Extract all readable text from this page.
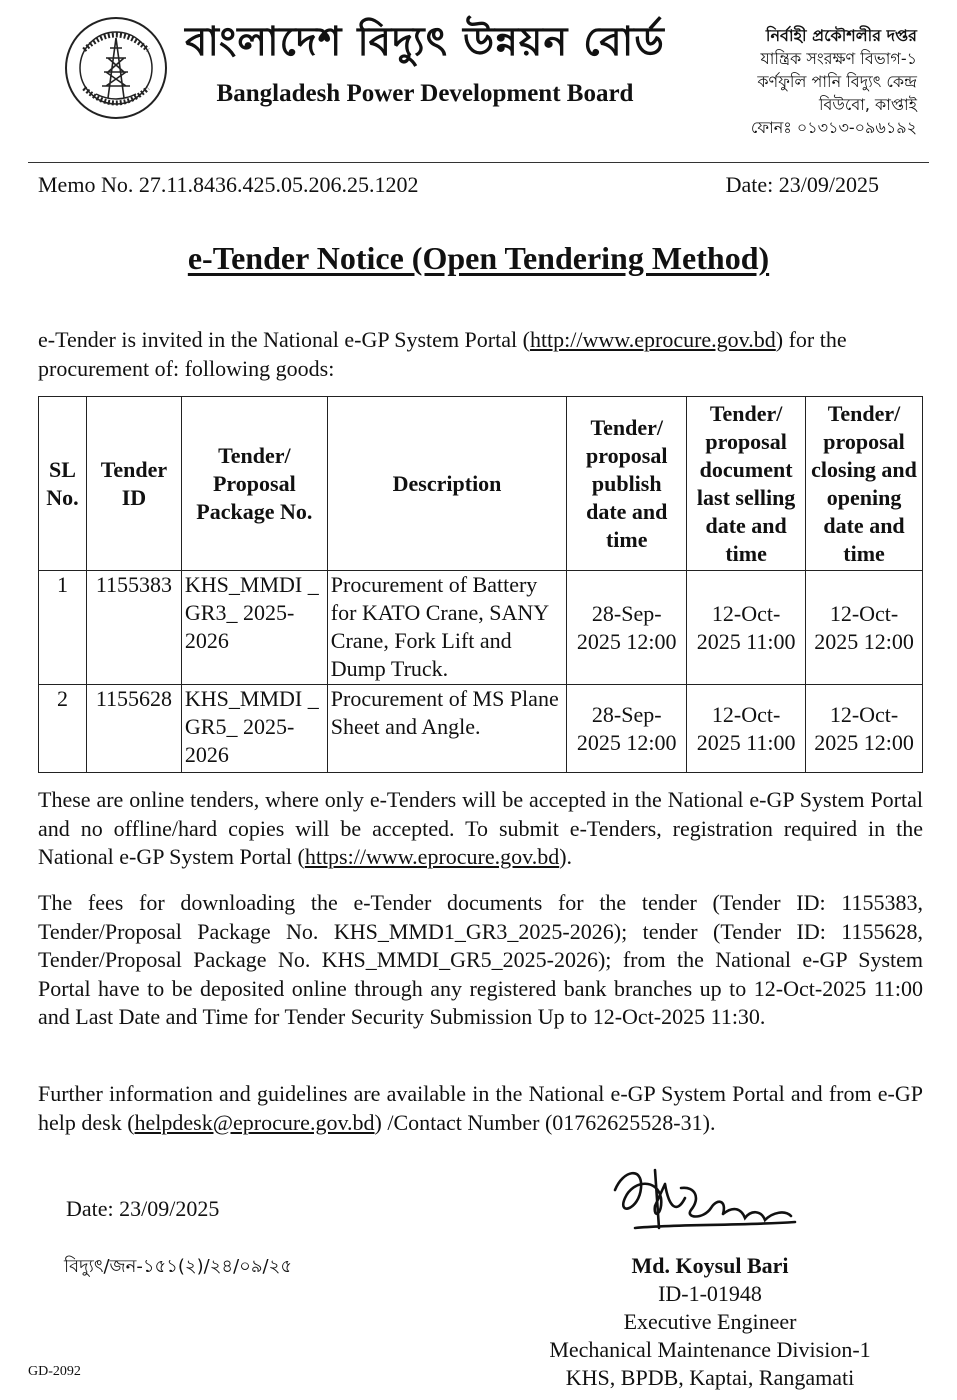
বাংলাদেশ বিদ্যুৎ উন্নয়ন বোর্ড
Bangladesh Power Development Board
নির্বাহী প্রকৌশলীর দপ্তর
যান্ত্রিক সংরক্ষণ বিভাগ-১
কর্ণফুলি পানি বিদ্যুৎ কেন্দ্র
বিউবো, কাপ্তাই
ফোনঃ ০১৩১৩-০৯৬১৯২
Memo No. 27.11.8436.425.05.206.25.1202	Date: 23/09/2025
e-Tender Notice (Open Tendering Method)
e-Tender is invited in the National e-GP System Portal (http://www.eprocure.gov.bd) for the procurement of: following goods:
SL No.	Tender ID	Tender/ Proposal Package No.	Description	Tender/ proposal publish date and time	Tender/ proposal document last selling date and time	Tender/ proposal closing and opening date and time
1	1155383	KHS_MMDI _ GR3_ 2025-2026	Procurement of Battery for KATO Crane, SANY Crane, Fork Lift and Dump Truck.	28-Sep-2025 12:00	12-Oct-2025 11:00	12-Oct-2025 12:00
2	1155628	KHS_MMDI _ GR5_ 2025-2026	Procurement of MS Plane Sheet and Angle.	28-Sep-2025 12:00	12-Oct-2025 11:00	12-Oct-2025 12:00
These are online tenders, where only e-Tenders will be accepted in the National e-GP System Portal and no offline/hard copies will be accepted. To submit e-Tenders, registration required in the National e-GP System Portal (https://www.eprocure.gov.bd).
The fees for downloading the e-Tender documents for the tender (Tender ID: 1155383, Tender/Proposal Package No. KHS_MMD1_GR3_2025-2026); tender (Tender ID: 1155628, Tender/Proposal Package No. KHS_MMDI_GR5_2025-2026); from the National e-GP System Portal have to be deposited online through any registered bank branches up to 12-Oct-2025 11:00 and Last Date and Time for Tender Security Submission Up to 12-Oct-2025 11:30.
Further information and guidelines are available in the National e-GP System Portal and from e-GP help desk (helpdesk@eprocure.gov.bd) /Contact Number (01762625528-31).
Date: 23/09/2025
বিদ্যুৎ/জন-১৫১(২)/২৪/০৯/২৫	Md. Koysul Bari
ID-1-01948
Executive Engineer
Mechanical Maintenance Division-1
KHS, BPDB, Kaptai, Rangamati
GD-2092
